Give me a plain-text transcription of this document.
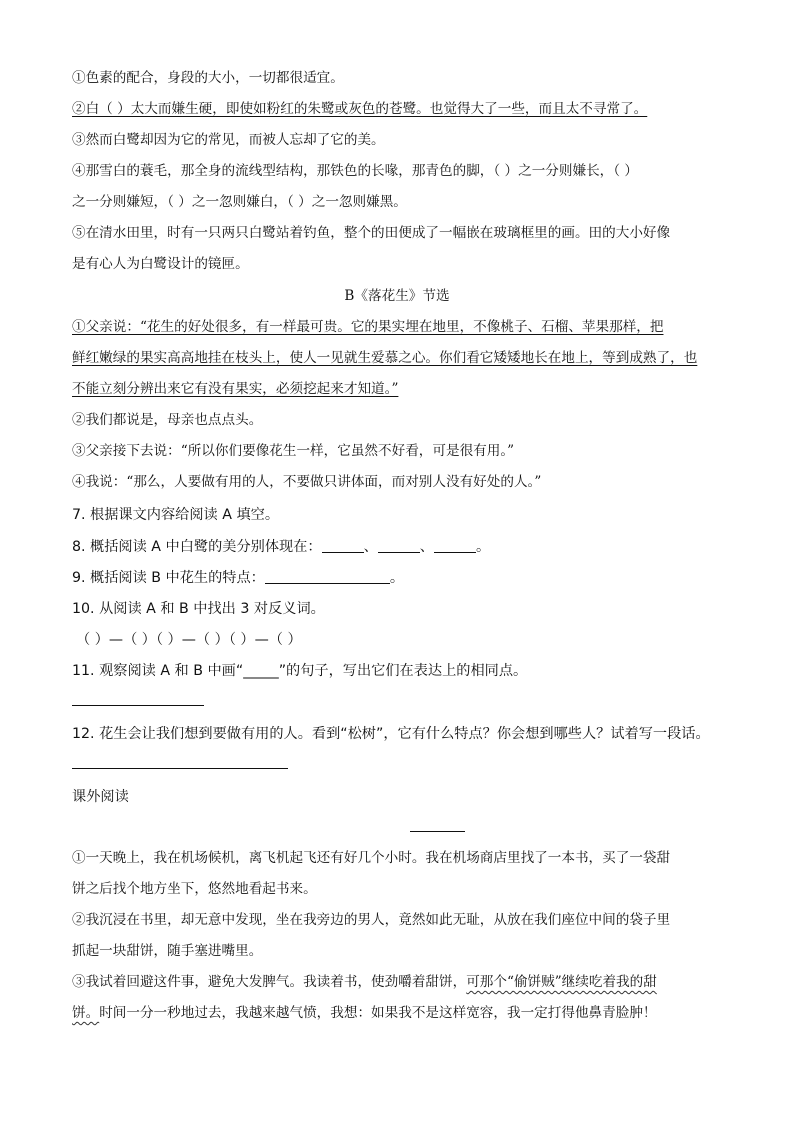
①色素的配合，身段的大小，一切都很适宜。
②白（ ）太大而嫌生硬，即使如粉红的朱鹭或灰色的苍鹭。也觉得大了一些，而且太不寻常了。
③然而白鹭却因为它的常见，而被人忘却了它的美。
④那雪白的蓑毛，那全身的流线型结构，那铁色的长喙，那青色的脚，（ ）之一分则嫌长，（ ）
之一分则嫌短，（ ）之一忽则嫌白，（ ）之一忽则嫌黑。
⑤在清水田里，时有一只两只白鹭站着钓鱼，整个的田便成了一幅嵌在玻璃框里的画。田的大小好像
是有心人为白鹭设计的镜匣。
B《落花生》节选
①父亲说：“花生的好处很多，有一样最可贵。它的果实埋在地里，不像桃子、石榴、苹果那样，把
鲜红嫩绿的果实高高地挂在枝头上，使人一见就生爱慕之心。你们看它矮矮地长在地上，等到成熟了，也
不能立刻分辨出来它有没有果实，必须挖起来才知道。”
②我们都说是，母亲也点点头。
③父亲接下去说：“所以你们要像花生一样，它虽然不好看，可是很有用。”
④我说：“那么，人要做有用的人，不要做只讲体面，而对别人没有好处的人。”
7. 根据课文内容给阅读 A 填空。
8. 概括阅读 A 中白鹭的美分别体现在：	、	、	。
9. 概括阅读 B 中花生的特点：	。
10. 从阅读 A 和 B 中找出 3 对反义词。
（ ）—（ ）（ ）—（ ）（ ）—（ ）
11. 观察阅读 A 和 B 中画“_____”的句子，写出它们在表达上的相同点。
12. 花生会让我们想到要做有用的人。看到“松树”，它有什么特点？你会想到哪些人？试着写一段话。
课外阅读
①一天晚上，我在机场候机，离飞机起飞还有好几个小时。我在机场商店里找了一本书，买了一袋甜
饼之后找个地方坐下，悠然地看起书来。
②我沉浸在书里，却无意中发现，坐在我旁边的男人，竟然如此无耻，从放在我们座位中间的袋子里
抓起一块甜饼，随手塞进嘴里。
③我试着回避这件事，避免大发脾气。我读着书，使劲嚼着甜饼，可那个“偷饼贼”继续吃着我的甜
饼。时间一分一秒地过去，我越来越气愤，我想：如果我不是这样宽容，我一定打得他鼻青脸肿！
